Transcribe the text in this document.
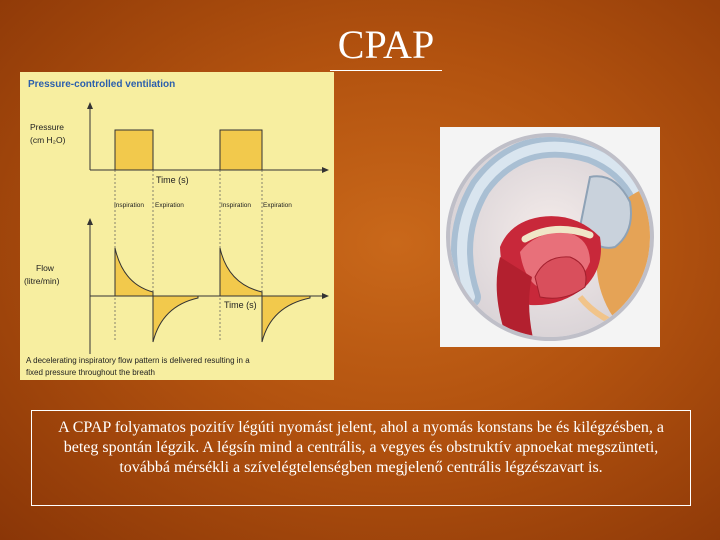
CPAP
Pressure-controlled ventilation
Pressure
(cm H₂O)
Time (s)
Inspiration Expiration	Inspiration Expiration
Flow
(litre/min)
Time (s)
A decelerating inspiratory flow pattern is delivered resulting in a
fixed pressure throughout the breath
A CPAP folyamatos pozitív légúti nyomást jelent, ahol a nyomás konstans be és kilégzésben, a beteg spontán légzik. A légsín mind a centrális, a vegyes és obstruktív apnoekat megszünteti, továbbá mérsékli a szívelégtelenségben megjelenő centrális légzészavart is.
